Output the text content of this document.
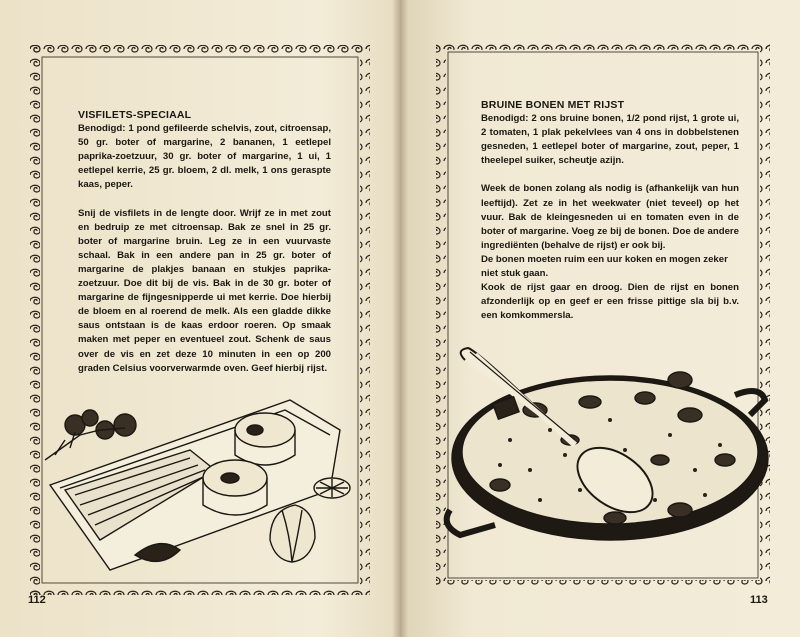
VISFILETS-SPECIAAL

Benodigd: 1 pond gefileerde schelvis, zout, citroensap, 50 gr. boter of margarine, 2 bananen, 1 eetlepel paprika-zoetzuur, 30 gr. boter of margarine, 1 ui, 1 eetlepel kerrie, 25 gr. bloem, 2 dl. melk, 1 ons geraspte kaas, peper.

Snij de visfilets in de lengte door. Wrijf ze in met zout en bedruip ze met citroensap. Bak ze snel in 25 gr. boter of margarine bruin. Leg ze in een vuurvaste schaal. Bak in een andere pan in 25 gr. boter of margarine de plakjes banaan en stukjes paprika-zoetzuur. Doe dit bij de vis. Bak in de 30 gr. boter of margarine de fijngesnipperde ui met kerrie. Doe hierbij de bloem en al roerend de melk. Als een gladde dikke saus ontstaan is de kaas erdoor roeren. Op smaak maken met peper en eventueel zout. Schenk de saus over de vis en zet deze 10 minuten in een op 200 graden Celsius voorverwarmde oven. Geef hierbij rijst.

112

BRUINE BONEN MET RIJST

Benodigd: 2 ons bruine bonen, 1/2 pond rijst, 1 grote ui, 2 tomaten, 1 plak pekelvlees van 4 ons in dobbelstenen gesneden, 1 eetlepel boter of margarine, zout, peper, 1 theelepel suiker, scheutje azijn.

Week de bonen zolang als nodig is (afhankelijk van hun leeftijd). Zet ze in het weekwater (niet teveel) op het vuur. Bak de kleingesneden ui en tomaten even in de boter of margarine. Voeg ze bij de bonen. Doe de andere ingrediënten (behalve de rijst) er ook bij.

De bonen moeten ruim een uur koken en mogen zeker niet stuk gaan.

Kook de rijst gaar en droog. Dien de rijst en bonen afzonderlijk op en geef er een frisse pittige sla bij b.v. een komkommersla.

113
